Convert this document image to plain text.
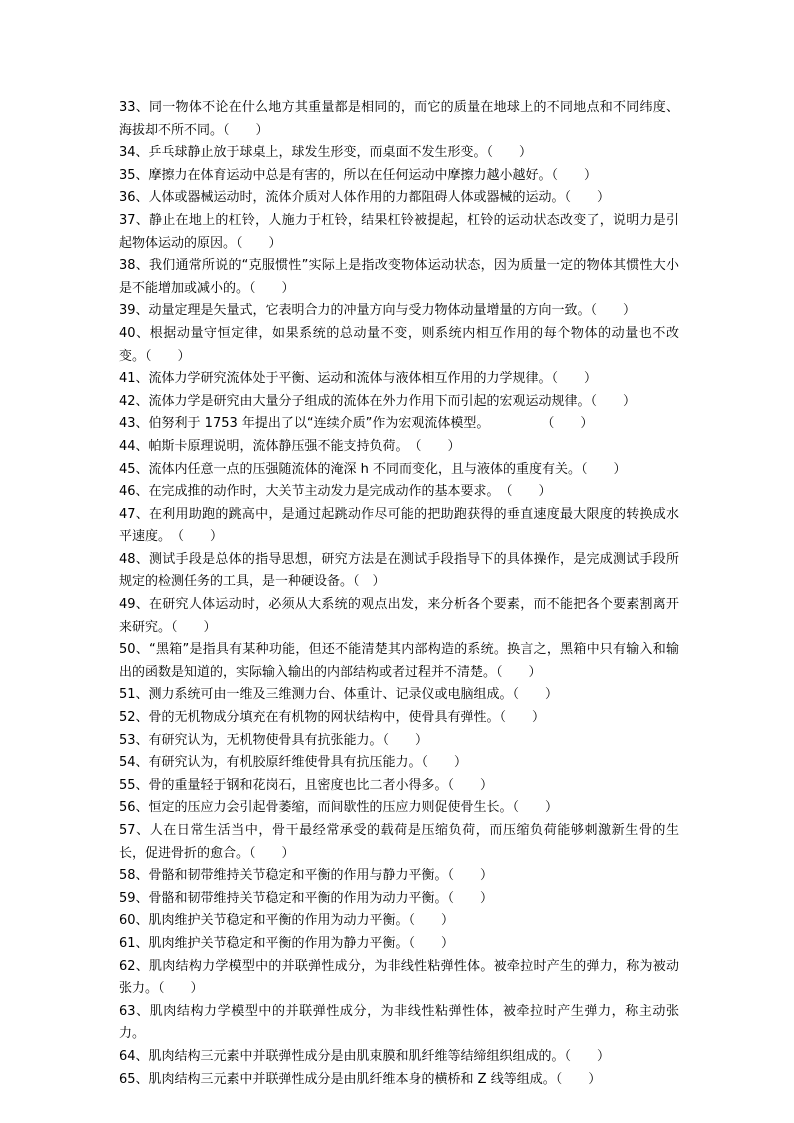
33、同一物体不论在什么地方其重量都是相同的，而它的质量在地球上的不同地点和不同纬度、海拔却不所不同。（　　）

34、乒乓球静止放于球桌上，球发生形变，而桌面不发生形变。（　　）

35、摩擦力在体育运动中总是有害的，所以在任何运动中摩擦力越小越好。（　　）

36、人体或器械运动时，流体介质对人体作用的力都阻碍人体或器械的运动。（　　）

37、静止在地上的杠铃，人施力于杠铃，结果杠铃被提起，杠铃的运动状态改变了，说明力是引起物体运动的原因。（　　）

38、我们通常所说的“克服惯性”实际上是指改变物体运动状态，因为质量一定的物体其惯性大小是不能增加或减小的。（　　）

39、动量定理是矢量式，它表明合力的冲量方向与受力物体动量增量的方向一致。（　　）

40、根据动量守恒定律，如果系统的总动量不变，则系统内相互作用的每个物体的动量也不改变。（　　）

41、流体力学研究流体处于平衡、运动和流体与液体相互作用的力学规律。（　　）

42、流体力学是研究由大量分子组成的流体在外力作用下而引起的宏观运动规律。（　　）

43、伯努利于 1753 年提出了以“连续介质”作为宏观流体模型。　　　　　（　　）

44、帕斯卡原理说明，流体静压强不能支持负荷。　（　　）

45、流体内任意一点的压强随流体的淹深 h 不同而变化，且与液体的重度有关。（　　）

46、在完成推的动作时，大关节主动发力是完成动作的基本要求。　（　　）

47、在利用助跑的跳高中，是通过起跳动作尽可能的把助跑获得的垂直速度最大限度的转换成水平速度。　（　　）

48、测试手段是总体的指导思想，研究方法是在测试手段指导下的具体操作，是完成测试手段所规定的检测任务的工具，是一种硬设备。（　）

49、在研究人体运动时，必须从大系统的观点出发，来分析各个要素，而不能把各个要素割离开来研究。（　　）

50、“黑箱”是指具有某种功能，但还不能清楚其内部构造的系统。换言之，黑箱中只有输入和输出的函数是知道的，实际输入输出的内部结构或者过程并不清楚。（　　）

51、测力系统可由一维及三维测力台、体重计、记录仪或电脑组成。（　　）

52、骨的无机物成分填充在有机物的网状结构中，使骨具有弹性。（　　）

53、有研究认为，无机物使骨具有抗张能力。（　　）

54、有研究认为，有机胶原纤维使骨具有抗压能力。（　　）

55、骨的重量轻于钢和花岗石，且密度也比二者小得多。（　　）

56、恒定的压应力会引起骨萎缩，而间歇性的压应力则促使骨生长。（　　）

57、人在日常生活当中，骨干最经常承受的载荷是压缩负荷，而压缩负荷能够刺激新生骨的生长，促进骨折的愈合。（　　）

58、骨骼和韧带维持关节稳定和平衡的作用与静力平衡。（　　）

59、骨骼和韧带维持关节稳定和平衡的作用为动力平衡。（　　）

60、肌肉维护关节稳定和平衡的作用为动力平衡。（　　）

61、肌肉维护关节稳定和平衡的作用为静力平衡。（　　）

62、肌肉结构力学模型中的并联弹性成分，为非线性粘弹性体。被牵拉时产生的弹力，称为被动张力。（　　）

63、肌肉结构力学模型中的并联弹性成分，为非线性粘弹性体，被牵拉时产生弹力，称主动张力。

64、肌肉结构三元素中并联弹性成分是由肌束膜和肌纤维等结缔组织组成的。（　　）

65、肌肉结构三元素中并联弹性成分是由肌纤维本身的横桥和 Z 线等组成。（　　）
